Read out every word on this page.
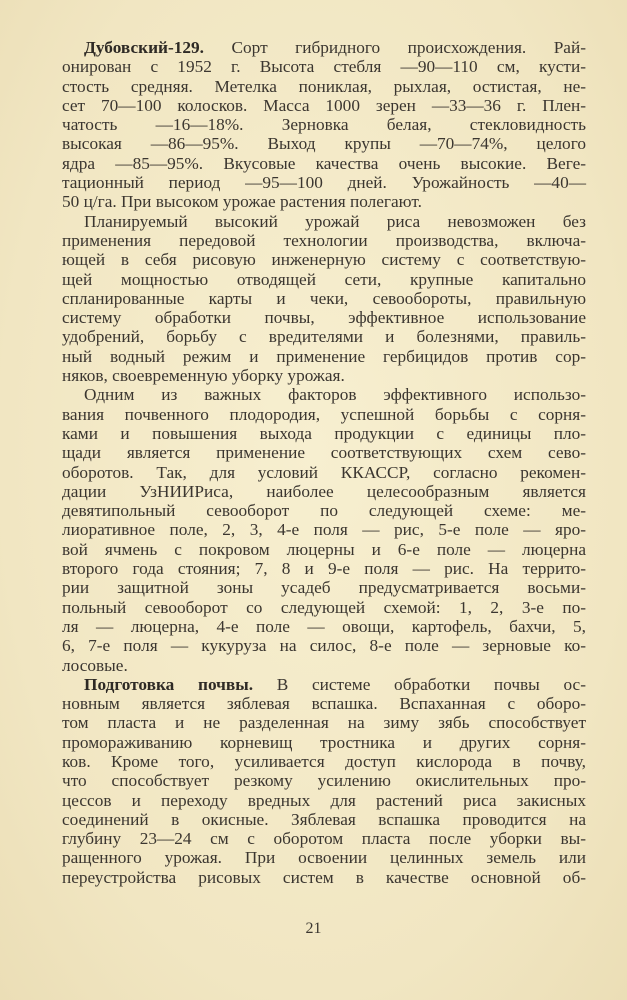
Дубовский-129. Сорт гибридного происхождения. Рай-
онирован с 1952 г. Высота стебля —90—110 см, кусти-
стость средняя. Метелка пониклая, рыхлая, остистая, не-
сет 70—100 колосков. Масса 1000 зерен —33—36 г. Плен-
чатость —16—18%. Зерновка белая, стекловидность
высокая —86—95%. Выход крупы —70—74%, целого
ядра —85—95%. Вкусовые качества очень высокие. Веге-
тационный период —95—100 дней. Урожайность —40—
50 ц/га. При высоком урожае растения полегают.
Планируемый высокий урожай риса невозможен без
применения передовой технологии производства, включа-
ющей в себя рисовую инженерную систему с соответствую-
щей мощностью отводящей сети, крупные капитально
спланированные карты и чеки, севообороты, правильную
систему обработки почвы, эффективное использование
удобрений, борьбу с вредителями и болезнями, правиль-
ный водный режим и применение гербицидов против сор-
няков, своевременную уборку урожая.
Одним из важных факторов эффективного использо-
вания почвенного плодородия, успешной борьбы с сорня-
ками и повышения выхода продукции с единицы пло-
щади является применение соответствующих схем сево-
оборотов. Так, для условий ККАССР, согласно рекомен-
дации УзНИИРиса, наиболее целесообразным является
девятипольный севооборот по следующей схеме: ме-
лиоративное поле, 2, 3, 4-е поля — рис, 5-е поле — яро-
вой ячмень с покровом люцерны и 6-е поле — люцерна
второго года стояния; 7, 8 и 9-е поля — рис. На террито-
рии защитной зоны усадеб предусматривается восьми-
польный севооборот со следующей схемой: 1, 2, 3-е по-
ля — люцерна, 4-е поле — овощи, картофель, бахчи, 5,
6, 7-е поля — кукуруза на силос, 8-е поле — зерновые ко-
лосовые.
Подготовка почвы. В системе обработки почвы ос-
новным является зяблевая вспашка. Вспаханная с оборо-
том пласта и не разделенная на зиму зябь способствует
промораживанию корневищ тростника и других сорня-
ков. Кроме того, усиливается доступ кислорода в почву,
что способствует резкому усилению окислительных про-
цессов и переходу вредных для растений риса закисных
соединений в окисные. Зяблевая вспашка проводится на
глубину 23—24 см с оборотом пласта после уборки вы-
ращенного урожая. При освоении целинных земель или
переустройства рисовых систем в качестве основной об-
21
